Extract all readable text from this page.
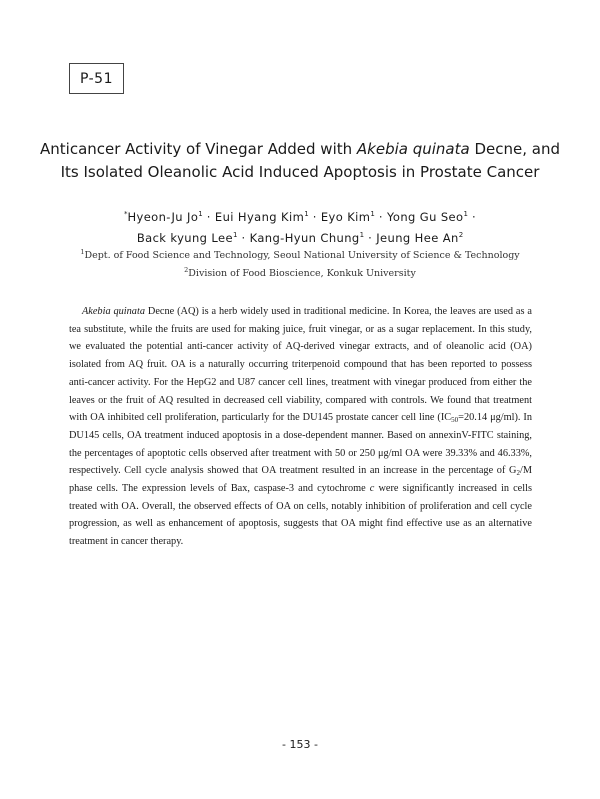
P-51
Anticancer Activity of Vinegar Added with Akebia quinata Decne, and
Its Isolated Oleanolic Acid Induced Apoptosis in Prostate Cancer
*Hyeon-Ju $Jo^1$ · Eui Hyang Kim$^1$ · Eyo Kim$^1$ · Yong Gu Seo$^1$ ·
Back kyung Lee$^1$ · Kang-Hyun Chung$^1$ · Jeung Hee An$^2$
$^1$Dept. of Food Science and Technology, Seoul National University of Science & Technology
$^2$Division of Food Bioscience, Konkuk University

Akebia quinata Decne (AQ) is a herb widely used in traditional medicine. In Korea, the leaves are used as a tea substitute, while the fruits are used for making juice, fruit vinegar, or as a sugar replacement. In this study, we evaluated the potential anti-cancer activity of AQ-derived vinegar extracts, and of oleanolic acid (OA) isolated from AQ fruit. OA is a naturally occurring triterpenoid compound that has been reported to possess anti-cancer activity. For the HepG2 and U87 cancer cell lines, treatment with vinegar produced from either the leaves or the fruit of AQ resulted in decreased cell viability, compared with controls. We found that treatment with OA inhibited cell proliferation, particularly for the DU145 prostate cancer cell line ($IC_{50}=20.14$ μg/ml). In DU145 cells, OA treatment induced apoptosis in a dose-dependent manner. Based on annexinV-FITC staining, the percentages of apoptotic cells observed after treatment with 50 or 250 μg/ml OA were 39.33% and 46.33%, respectively. Cell cycle analysis showed that OA treatment resulted in an increase in the percentage of $G_2/M$ phase cells. The expression levels of Bax, caspase-3 and cytochrome c were significantly increased in cells treated with OA. Overall, the observed effects of OA on cells, notably inhibition of proliferation and cell cycle progression, as well as enhancement of apoptosis, suggests that OA might find effective use as an alternative treatment in cancer therapy.

- 153 -
